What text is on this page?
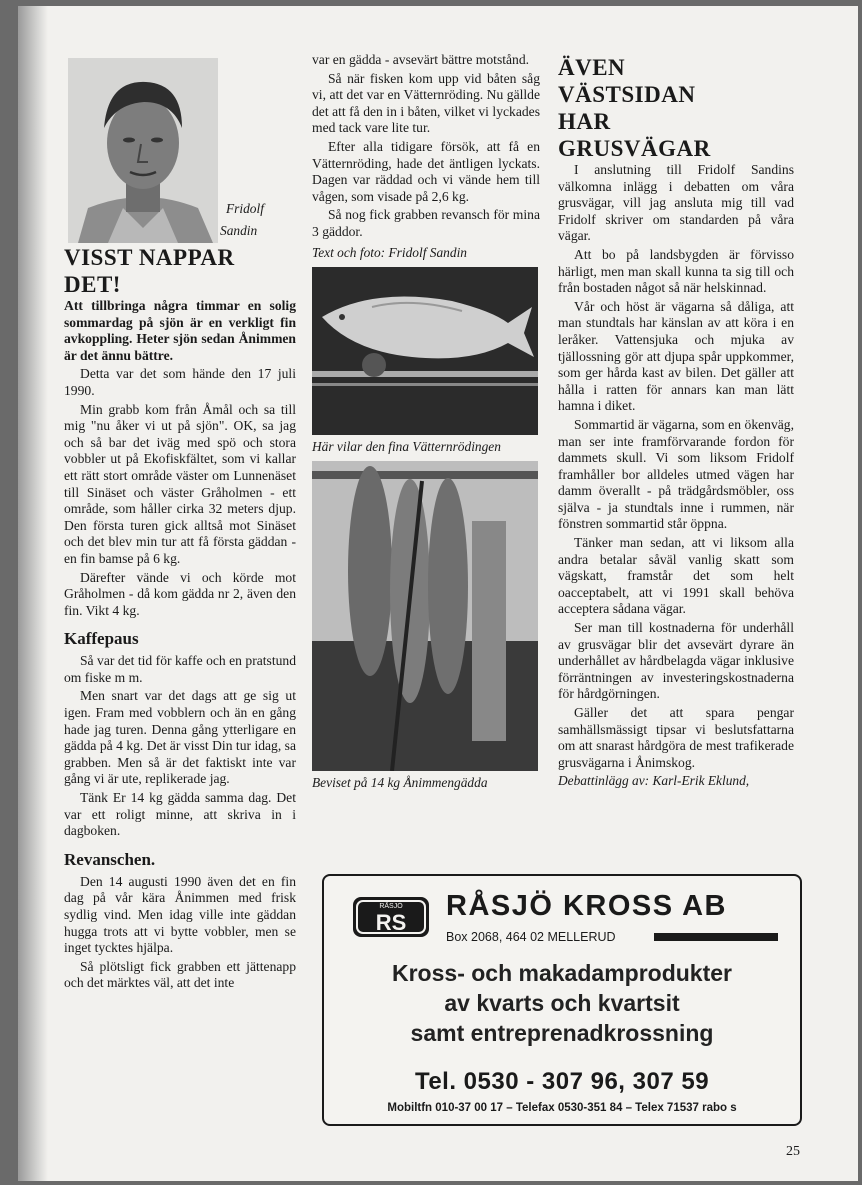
Fridolf
Sandin
VISST NAPPAR DET!

Att tillbringa några timmar en solig sommardag på sjön är en verkligt fin avkoppling. Heter sjön sedan Ånimmen är det ännu bättre.

Detta var det som hände den 17 juli 1990.

Min grabb kom från Åmål och sa till mig "nu åker vi ut på sjön". OK, sa jag och så bar det iväg med spö och stora vobbler ut på Ekofiskfältet, som vi kallar ett rätt stort område väster om Lunnenäset till Sinäset och väster Gråholmen - ett område, som håller cirka 32 meters djup. Den första turen gick alltså mot Sinäset och det blev min tur att få första gäddan - en fin bamse på 6 kg.

Därefter vände vi och körde mot Gråholmen - då kom gädda nr 2, även den fin. Vikt 4 kg.

Kaffepaus

Så var det tid för kaffe och en pratstund om fiske m m.

Men snart var det dags att ge sig ut igen. Fram med vobblern och än en gång hade jag turen. Denna gång ytterligare en gädda på 4 kg. Det är visst Din tur idag, sa grabben. Men så är det faktiskt inte var gång vi är ute, replikerade jag.

Tänk Er 14 kg gädda samma dag. Det var ett roligt minne, att skriva in i dagboken.

Revanschen.

Den 14 augusti 1990 även det en fin dag på vår kära Ånimmen med frisk sydlig vind. Men idag ville inte gäddan hugga trots att vi bytte vobbler, men se inget tycktes hjälpa.

Så plötsligt fick grabben ett jättenapp och det märktes väl, att det inte

var en gädda - avsevärt bättre motstånd.

Så när fisken kom upp vid båten såg vi, att det var en Vätternröding. Nu gällde det att få den in i båten, vilket vi lyckades med tack vare lite tur.

Efter alla tidigare försök, att få en Vätternröding, hade det äntligen lyckats. Dagen var räddad och vi vände hem till vågen, som visade på 2,6 kg.

Så nog fick grabben revansch för mina 3 gäddor.

Text och foto: Fridolf Sandin
Här vilar den fina Vätternrödingen
Beviset på 14 kg Ånimmengädda
ÄVEN VÄSTSIDAN HAR GRUSVÄGAR

I anslutning till Fridolf Sandins välkomna inlägg i debatten om våra grusvägar, vill jag ansluta mig till vad Fridolf skriver om standarden på våra vägar.

Att bo på landsbygden är förvisso härligt, men man skall kunna ta sig till och från bostaden något så när helskinnad.

Vår och höst är vägarna så dåliga, att man stundtals har känslan av att köra i en leråker. Vattensjuka och mjuka av tjällossning gör att djupa spår uppkommer, som ger hårda kast av bilen. Det gäller att hålla i ratten för annars kan man lätt hamna i diket.

Sommartid är vägarna, som en ökenväg, man ser inte framförvarande fordon för dammets skull. Vi som liksom Fridolf framhåller bor alldeles utmed vägen har damm överallt - på trädgårdsmöbler, oss själva - ja stundtals inne i rummen, när fönstren sommartid står öppna.

Tänker man sedan, att vi liksom alla andra betalar såväl vanlig skatt som vägskatt, framstår det som helt oacceptabelt, att vi 1991 skall behöva acceptera sådana vägar.

Ser man till kostnaderna för underhåll av grusvägar blir det avsevärt dyrare än underhållet av hårdbelagda vägar inklusive förräntningen av investeringskostnaderna för hårdgörningen.

Gäller det att spara pengar samhällsmässigt tipsar vi beslutsfattarna om att snarast hårdgöra de mest trafikerade grusvägarna i Ånimskog.

Debattinlägg av: Karl-Erik Eklund,
RÅSJÖ
RS
RÅSJÖ KROSS AB
Box 2068, 464 02 MELLERUD
Kross- och makadamprodukter
av kvarts och kvartsit
samt entreprenadkrossning
Tel. 0530 - 307 96, 307 59
Mobiltfn 010-37 00 17 – Telefax 0530-351 84 – Telex 71537 rabo s
25
